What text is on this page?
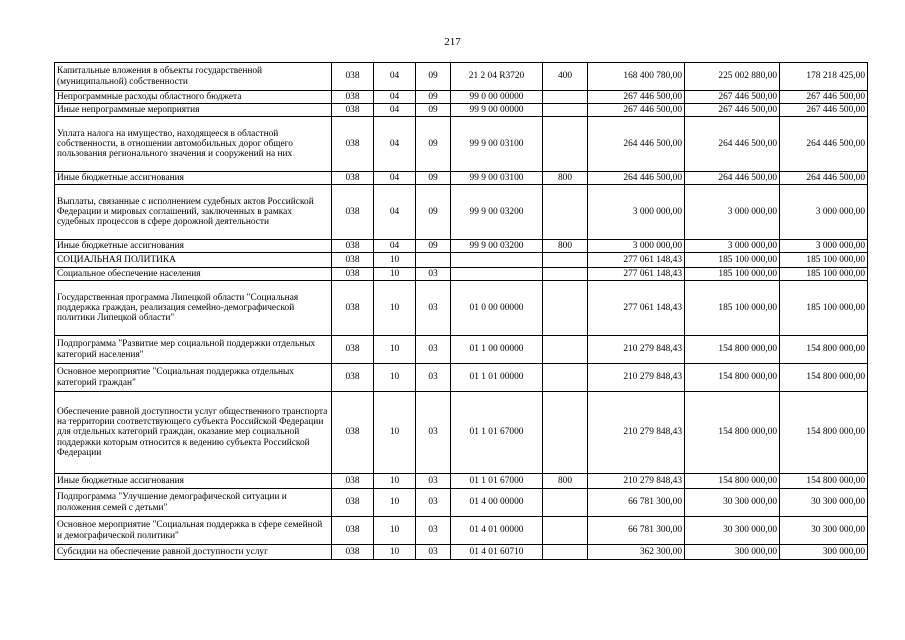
217
Капитальные вложения в объекты государственной (муниципальной) собственности	038	04	09	21 2 04 R3720	400	168 400 780,00	225 002 880,00	178 218 425,00
Непрограммные расходы областного бюджета	038	04	09	99 0 00 00000		267 446 500,00	267 446 500,00	267 446 500,00
Иные непрограммные мероприятия	038	04	09	99 9 00 00000		267 446 500,00	267 446 500,00	267 446 500,00
Уплата налога на имущество, находящееся в областной собственности, в отношении автомобильных дорог общего пользования регионального значения и сооружений на них	038	04	09	99 9 00 03100		264 446 500,00	264 446 500,00	264 446 500,00
Иные бюджетные ассигнования	038	04	09	99 9 00 03100	800	264 446 500,00	264 446 500,00	264 446 500,00
Выплаты, связанные с исполнением судебных актов Российской Федерации и мировых соглашений, заключенных в рамках судебных процессов в сфере дорожной деятельности	038	04	09	99 9 00 03200		3 000 000,00	3 000 000,00	3 000 000,00
Иные бюджетные ассигнования	038	04	09	99 9 00 03200	800	3 000 000,00	3 000 000,00	3 000 000,00
СОЦИАЛЬНАЯ ПОЛИТИКА	038	10				277 061 148,43	185 100 000,00	185 100 000,00
Социальное обеспечение населения	038	10	03			277 061 148,43	185 100 000,00	185 100 000,00
Государственная программа Липецкой области "Социальная поддержка граждан, реализация семейно-демографической политики Липецкой области"	038	10	03	01 0 00 00000		277 061 148,43	185 100 000,00	185 100 000,00
Подпрограмма "Развитие мер социальной поддержки отдельных категорий населения"	038	10	03	01 1 00 00000		210 279 848,43	154 800 000,00	154 800 000,00
Основное мероприятие "Социальная поддержка отдельных категорий граждан"	038	10	03	01 1 01 00000		210 279 848,43	154 800 000,00	154 800 000,00
Обеспечение равной доступности услуг общественного транспорта на территории соответствующего субъекта Российской Федерации для отдельных категорий граждан, оказание мер социальной поддержки которым относится к ведению субъекта Российской Федерации	038	10	03	01 1 01 67000		210 279 848,43	154 800 000,00	154 800 000,00
Иные бюджетные ассигнования	038	10	03	01 1 01 67000	800	210 279 848,43	154 800 000,00	154 800 000,00
Подпрограмма "Улучшение демографической ситуации и положения семей с детьми"	038	10	03	01 4 00 00000		66 781 300,00	30 300 000,00	30 300 000,00
Основное мероприятие "Социальная поддержка в сфере семейной и демографической политики"	038	10	03	01 4 01 00000		66 781 300,00	30 300 000,00	30 300 000,00
Субсидии на обеспечение равной доступности услуг	038	10	03	01 4 01 60710		362 300,00	300 000,00	300 000,00
